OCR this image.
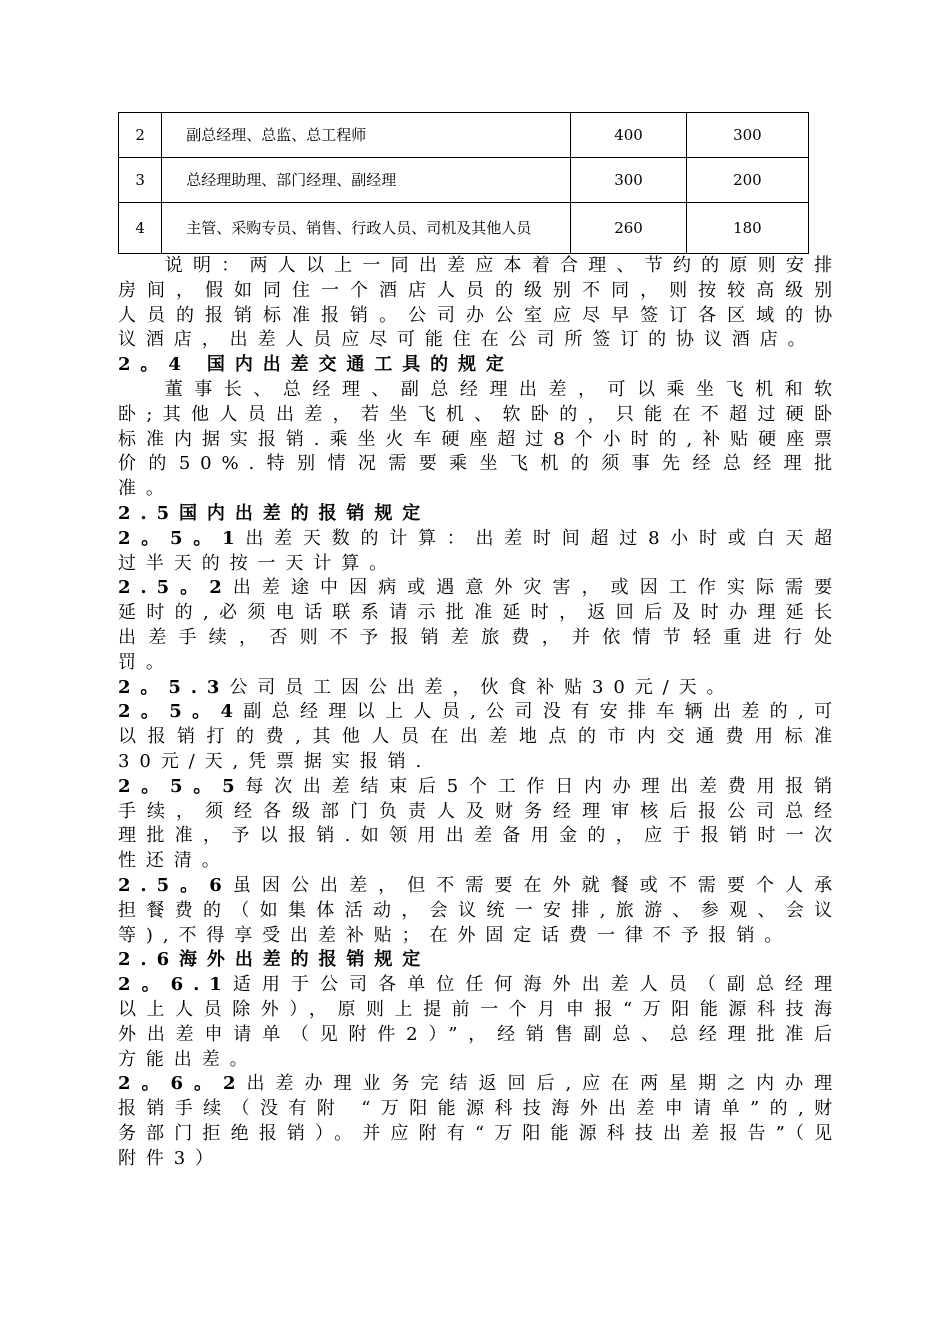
2	副总经理、总监、总工程师	400	300
3	总经理助理、部门经理、副经理	300	200
4	主管、采购专员、销售、行政人员、司机及其他人员	260	180

说明：两人以上一同出差应本着合理、节约的原则安排房间，假如同住一个酒店人员的级别不同，则按较高级别人员的报销标准报销。公司办公室应尽早签订各区域的协议酒店，出差人员应尽可能住在公司所签订的协议酒店。

2。4 国内出差交通工具的规定

董事长、总经理、副总经理出差，可以乘坐飞机和软卧;其他人员出差，若坐飞机、软卧的，只能在不超过硬卧标准内据实报销.乘坐火车硬座超过8个小时的,补贴硬座票价的50%.特别情况需要乘坐飞机的须事先经总经理批准。

2.5国内出差的报销规定

2。5。1出差天数的计算：出差时间超过8小时或白天超过半天的按一天计算。

2.5。2出差途中因病或遇意外灾害，或因工作实际需要延时的,必须电话联系请示批准延时，返回后及时办理延长出差手续，否则不予报销差旅费，并依情节轻重进行处罚。

2。5.3公司员工因公出差，伙食补贴30元/天。

2。5。4副总经理以上人员,公司没有安排车辆出差的,可以报销打的费,其他人员在出差地点的市内交通费用标准30元/天,凭票据实报销.

2。5。5每次出差结束后5个工作日内办理出差费用报销手续，须经各级部门负责人及财务经理审核后报公司总经理批准，予以报销.如领用出差备用金的，应于报销时一次性还清。

2.5。6虽因公出差，但不需要在外就餐或不需要个人承担餐费的（如集体活动，会议统一安排,旅游、参观、会议等),不得享受出差补贴；在外固定话费一律不予报销。

2.6海外出差的报销规定

2。6.1适用于公司各单位任何海外出差人员（副总经理以上人员除外），原则上提前一个月申报“万阳能源科技海外出差申请单（见附件2）”，经销售副总、总经理批准后方能出差。

2。6。2出差办理业务完结返回后,应在两星期之内办理报销手续（没有附 “万阳能源科技海外出差申请单”的,财务部门拒绝报销）。并应附有“万阳能源科技出差报告”（见附件3）
